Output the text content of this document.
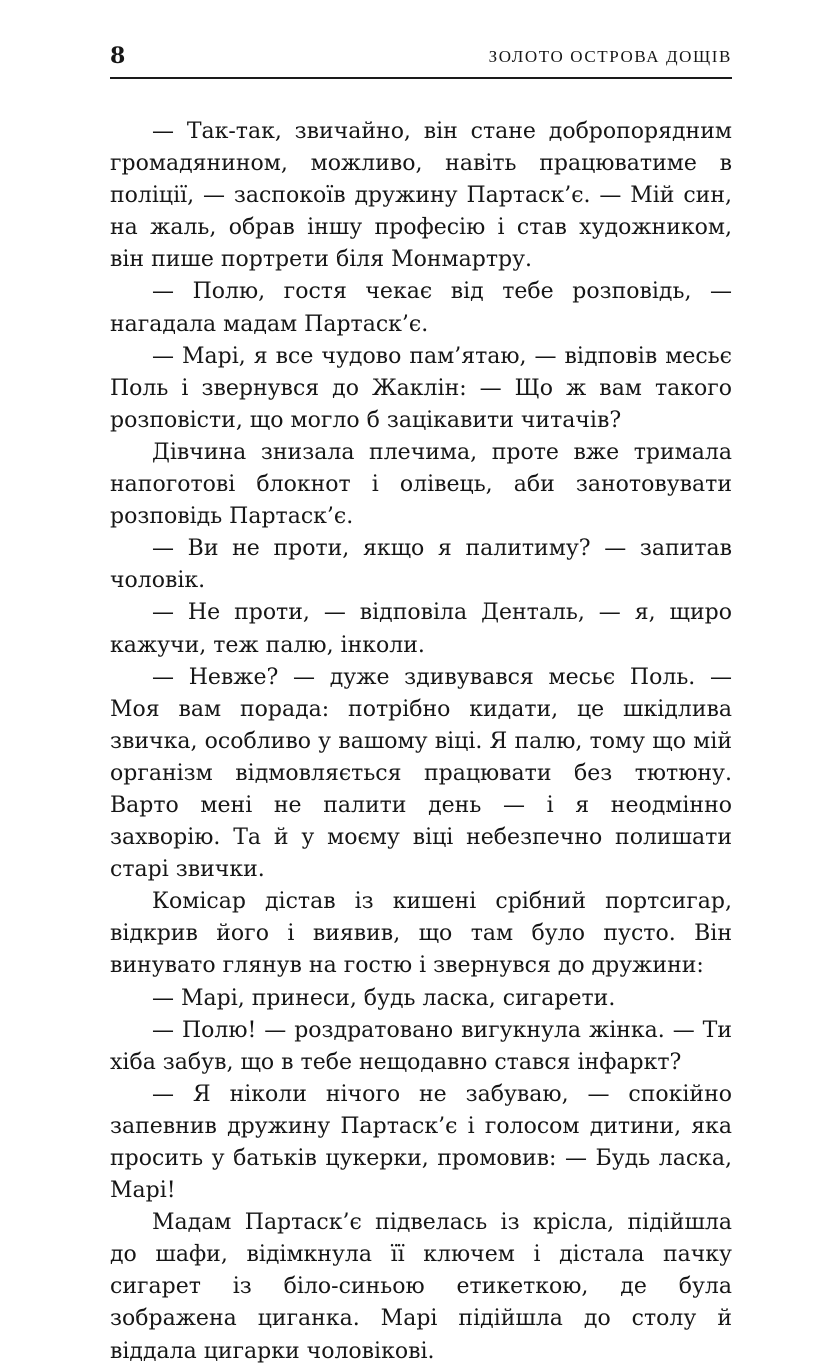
8	ЗОЛОТО ОСТРОВА ДОЩІВ

— Так-так, звичайно, він стане добропорядним громадянином, можливо, навіть працюватиме в поліції, — заспокоїв дружину Партаск’є. — Мій син, на жаль, обрав іншу професію і став художником, він пише портрети біля Монмартру.

— Полю, гостя чекає від тебе розповідь, — нагадала мадам Партаск’є.

— Марі, я все чудово пам’ятаю, — відповів месьє Поль і звернувся до Жаклін: — Що ж вам такого розповісти, що могло б зацікавити читачів?

Дівчина знизала плечима, проте вже тримала напоготові блокнот і олівець, аби занотовувати розповідь Партаск’є.

— Ви не проти, якщо я палитиму? — запитав чоловік.

— Не проти, — відповіла Денталь, — я, щиро кажучи, теж палю, інколи.

— Невже? — дуже здивувався месьє Поль. — Моя вам порада: потрібно кидати, це шкідлива звичка, особливо у вашому віці. Я палю, тому що мій організм відмовляється працювати без тютюну. Варто мені не палити день — і я неодмінно захворію. Та й у моєму віці небезпечно полишати старі звички.

Комісар дістав із кишені срібний портсигар, відкрив його і виявив, що там було пусто. Він винувато глянув на гостю і звернувся до дружини:

— Марі, принеси, будь ласка, сигарети.

— Полю! — роздратовано вигукнула жінка. — Ти хіба забув, що в тебе нещодавно стався інфаркт?

— Я ніколи нічого не забуваю, — спокійно запевнив дружину Партаск’є і голосом дитини, яка просить у батьків цукерки, промовив: — Будь ласка, Марі!

Мадам Партаск’є підвелась із крісла, підійшла до шафи, відімкнула її ключем і дістала пачку сигарет із біло-синьою етикеткою, де була зображена циганка. Марі підійшла до столу й віддала цигарки чоловікові.
